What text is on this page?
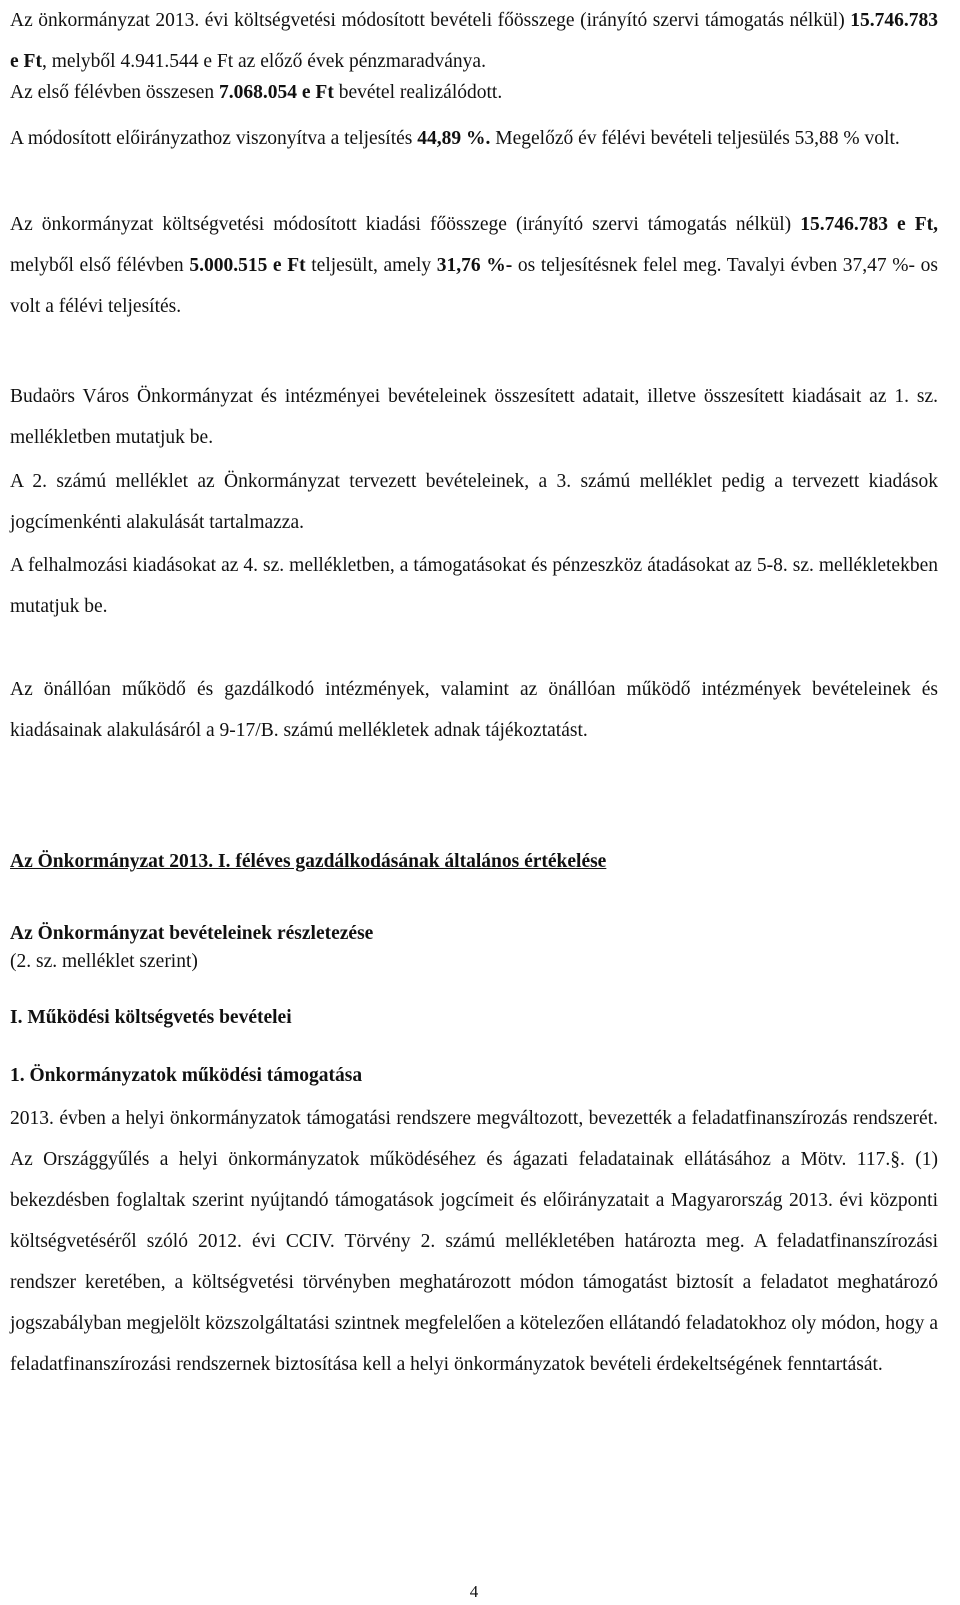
Az önkormányzat 2013. évi költségvetési módosított bevételi főösszege (irányító szervi támogatás nélkül) 15.746.783 e Ft, melyből 4.941.544 e Ft az előző évek pénzmaradványa.

Az első félévben összesen 7.068.054 e Ft bevétel realizálódott.

A módosított előirányzathoz viszonyítva a teljesítés 44,89 %. Megelőző év félévi bevételi teljesülés 53,88 % volt.

Az önkormányzat költségvetési módosított kiadási főösszege (irányító szervi támogatás nélkül) 15.746.783 e Ft, melyből első félévben 5.000.515 e Ft teljesült, amely 31,76 %- os teljesítésnek felel meg. Tavalyi évben 37,47 %- os volt a félévi teljesítés.

Budaörs Város Önkormányzat és intézményei bevételeinek összesített adatait, illetve összesített kiadásait az 1. sz. mellékletben mutatjuk be.

A 2. számú melléklet az Önkormányzat tervezett bevételeinek, a 3. számú melléklet pedig a tervezett kiadások jogcímenkénti alakulását tartalmazza.

A felhalmozási kiadásokat az 4. sz. mellékletben, a támogatásokat és pénzeszköz átadásokat az 5-8. sz. mellékletekben mutatjuk be.

Az önállóan működő és gazdálkodó intézmények, valamint az önállóan működő intézmények bevételeinek és kiadásainak alakulásáról a 9-17/B. számú mellékletek adnak tájékoztatást.

Az Önkormányzat 2013. I. féléves gazdálkodásának általános értékelése

Az Önkormányzat bevételeinek részletezése

(2. sz. melléklet szerint)

I. Működési költségvetés bevételei

1. Önkormányzatok működési támogatása

2013. évben a helyi önkormányzatok támogatási rendszere megváltozott, bevezették a feladatfinanszírozás rendszerét. Az Országgyűlés a helyi önkormányzatok működéséhez és ágazati feladatainak ellátásához a Mötv. 117.§. (1) bekezdésben foglaltak szerint nyújtandó támogatások jogcímeit és előirányzatait a Magyarország 2013. évi központi költségvetéséről szóló 2012. évi CCIV. Törvény 2. számú mellékletében határozta meg. A feladatfinanszírozási rendszer keretében, a költségvetési törvényben meghatározott módon támogatást biztosít a feladatot meghatározó jogszabályban megjelölt közszolgáltatási szintnek megfelelően a kötelezően ellátandó feladatokhoz oly módon, hogy a feladatfinanszírozási rendszernek biztosítása kell a helyi önkormányzatok bevételi érdekeltségének fenntartását.

4
